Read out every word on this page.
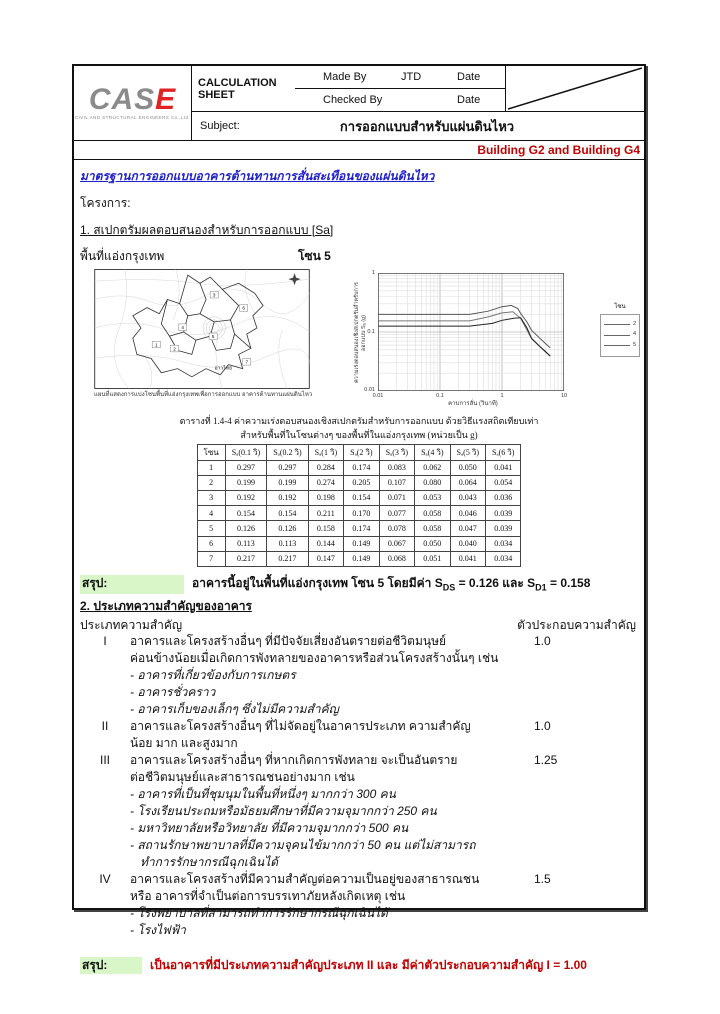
CASE
CIVIL AND STRUCTURAL ENGINEERS Co.,Ltd.
CALCULATION SHEET
Made By	JTD	Date
Checked By	Date
Subject:	การออกแบบสำหรับแผ่นดินไหว
Building G2 and Building G4
มาตรฐานการออกแบบอาคารต้านทานการสั่นสะเทือนของแผ่นดินไหว
โครงการ:
1. สเปกตรัมผลตอบสนองสำหรับการออกแบบ [Sa]
พื้นที่แอ่งกรุงเทพ	โซน 5
1
2
3
4
5
6
7
อ่าวไทย
แผนที่แสดงการแบ่งโซนพื้นที่แอ่งกรุงเทพเพื่อการออกแบบ อาคารต้านทานแผ่นดินไหว
ความเร่งตอบสนองเชิงสเปกตรัมสำหรับการออกแบบ Sₐ (g)
1
0.1
0.01
0.01	0.1	1	10
คาบการสั่น (วินาที)
โซน
2
4
5
ตารางที่ 1.4-4 ค่าความเร่งตอบสนองเชิงสเปกตรัมสำหรับการออกแบบ ด้วยวิธีแรงสถิตเทียบเท่า
สำหรับพื้นที่ในโซนต่างๆ ของพื้นที่ในแอ่งกรุงเทพ (หน่วยเป็น g)
โซน	Sₐ(0.1 วิ)	Sₐ(0.2 วิ)	Sₐ(1 วิ)	Sₐ(2 วิ)	Sₐ(3 วิ)	Sₐ(4 วิ)	Sₐ(5 วิ)	Sₐ(6 วิ)
1	0.297	0.297	0.284	0.174	0.083	0.062	0.050	0.041
2	0.199	0.199	0.274	0.205	0.107	0.080	0.064	0.054
3	0.192	0.192	0.198	0.154	0.071	0.053	0.043	0.036
4	0.154	0.154	0.211	0.170	0.077	0.058	0.046	0.039
5	0.126	0.126	0.158	0.174	0.078	0.058	0.047	0.039
6	0.113	0.113	0.144	0.149	0.067	0.050	0.040	0.034
7	0.217	0.217	0.147	0.149	0.068	0.051	0.041	0.034
สรุป:	อาคารนี้อยู่ในพื้นที่แอ่งกรุงเทพ โซน 5 โดยมีค่า $S_{DS} = 0.126$ และ $S_{D1} = 0.158$
2. ประเภทความสำคัญของอาคาร
ประเภทความสำคัญ	ตัวประกอบความสำคัญ
I	อาคารและโครงสร้างอื่นๆ ที่มีปัจจัยเสี่ยงอันตรายต่อชีวิตมนุษย์	1.0
ค่อนข้างน้อยเมื่อเกิดการพังทลายของอาคารหรือส่วนโครงสร้างนั้นๆ เช่น
- อาคารที่เกี่ยวข้องกับการเกษตร
- อาคารชั่วคราว
- อาคารเก็บของเล็กๆ ซึ่งไม่มีความสำคัญ
II	อาคารและโครงสร้างอื่นๆ ที่ไม่จัดอยู่ในอาคารประเภท ความสำคัญ	1.0
น้อย มาก และสูงมาก
III	อาคารและโครงสร้างอื่นๆ ที่หากเกิดการพังทลาย จะเป็นอันตราย	1.25
ต่อชีวิตมนุษย์และสาธารณชนอย่างมาก เช่น
- อาคารที่เป็นที่ชุมนุมในพื้นที่หนึ่งๆ มากกว่า 300 คน
- โรงเรียนประถมหรือมัธยมศึกษาที่มีความจุมากกว่า 250 คน
- มหาวิทยาลัยหรือวิทยาลัย ที่มีความจุมากกว่า 500 คน
- สถานรักษาพยาบาลที่มีความจุคนไข้มากกว่า 50 คน แต่ไม่สามารถ
ทำการรักษากรณีฉุกเฉินได้
IV	อาคารและโครงสร้างที่มีความสำคัญต่อความเป็นอยู่ของสาธารณชน	1.5
หรือ อาคารที่จำเป็นต่อการบรรเทาภัยหลังเกิดเหตุ เช่น
- โรงพยาบาลที่สามารถทำการรักษากรณีฉุกเฉินได้
- โรงไฟฟ้า
สรุป:	เป็นอาคารที่มีประเภทความสำคัญประเภท II และ มีค่าตัวประกอบความสำคัญ I = 1.00
